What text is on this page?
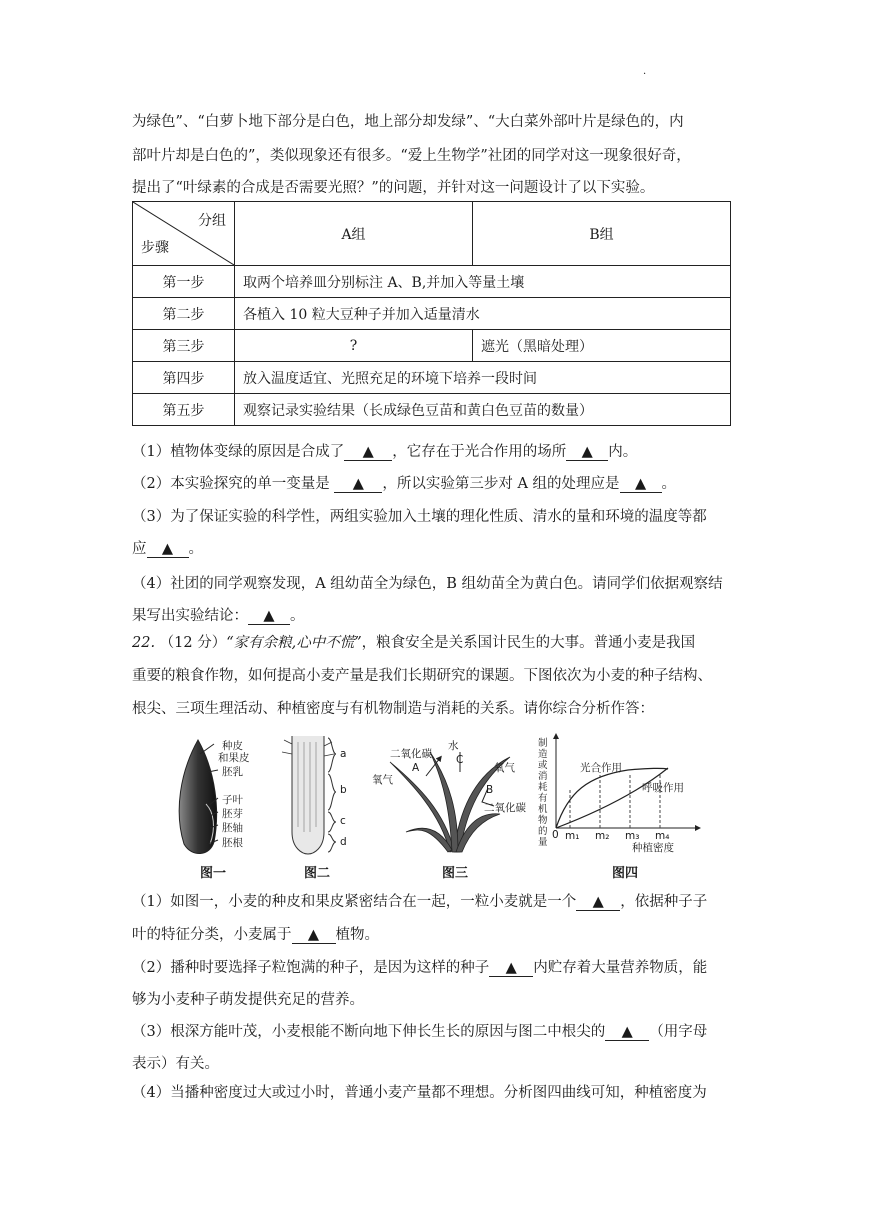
.
为绿色”、“白萝卜地下部分是白色，地上部分却发绿”、“大白菜外部叶片是绿色的，内
部叶片却是白色的”，类似现象还有很多。“爱上生物学”社团的同学对这一现象很好奇，
提出了“叶绿素的合成是否需要光照？”的问题，并针对这一问题设计了以下实验。
分组
步骤	A组	B组
第一步	取两个培养皿分别标注 A、B,并加入等量土壤	
第二步	各植入 10 粒大豆种子并加入适量清水	
第三步	?	遮光（黑暗处理）
第四步	放入温度适宜、光照充足的环境下培养一段时间	
第五步	观察记录实验结果（长成绿色豆苗和黄白色豆苗的数量）	
（1）植物体变绿的原因是合成了 ▲ ，它存在于光合作用的场所 ▲ 内。
（2）本实验探究的单一变量是 ▲ ，所以实验第三步对 A 组的处理应是 ▲ 。
（3）为了保证实验的科学性，两组实验加入土壤的理化性质、清水的量和环境的温度等都
应 ▲ 。
（4）社团的同学观察发现，A 组幼苗全为绿色，B 组幼苗全为黄白色。请同学们依据观察结
果写出实验结论： ▲ 。
22. （12 分）“家有余粮,心中不慌”，粮食安全是关系国计民生的大事。普通小麦是我国
重要的粮食作物，如何提高小麦产量是我们长期研究的课题。下图依次为小麦的种子结构、
根尖、三项生理活动、种植密度与有机物制造与消耗的关系。请你综合分析作答：
种皮
和果皮
胚乳
子叶
胚芽
胚轴
胚根
图一
a
b
c
d
图二
二氧化碳
水
C
氧气
A	氧气
B
二氧化碳
图三
制造或消耗有机物的量
0 m₁ m₂ m₃ m₄
种植密度
光合作用
呼吸作用
图四
（1）如图一，小麦的种皮和果皮紧密结合在一起，一粒小麦就是一个 ▲ ，依据种子子
叶的特征分类，小麦属于 ▲ 植物。
（2）播种时要选择子粒饱满的种子，是因为这样的种子 ▲ 内贮存着大量营养物质，能
够为小麦种子萌发提供充足的营养。
（3）根深方能叶茂，小麦根能不断向地下伸长生长的原因与图二中根尖的 ▲ （用字母
表示）有关。
（4）当播种密度过大或过小时，普通小麦产量都不理想。分析图四曲线可知，种植密度为
